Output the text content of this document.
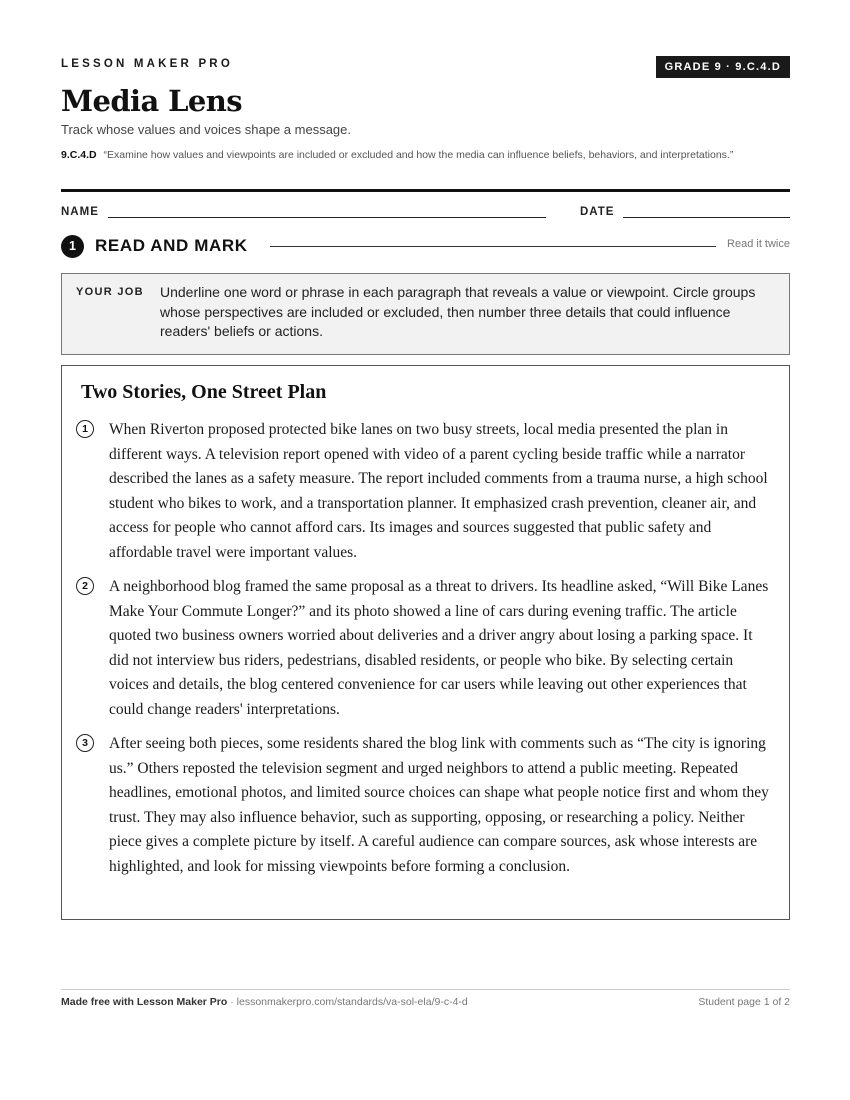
LESSON MAKER PRO	GRADE 9 · 9.C.4.D
Media Lens
Track whose values and voices shape a message.
9.C.4.D “Examine how values and viewpoints are included or excluded and how the media can influence beliefs, behaviors, and interpretations.”
NAME	DATE
1	READ AND MARK	Read it twice
YOUR JOB Underline one word or phrase in each paragraph that reveals a value or viewpoint. Circle groups whose perspectives are included or excluded, then number three details that could influence readers' beliefs or actions.
Two Stories, One Street Plan
1	When Riverton proposed protected bike lanes on two busy streets, local media presented the plan in different ways. A television report opened with video of a parent cycling beside traffic while a narrator described the lanes as a safety measure. The report included comments from a trauma nurse, a high school student who bikes to work, and a transportation planner. It emphasized crash prevention, cleaner air, and access for people who cannot afford cars. Its images and sources suggested that public safety and affordable travel were important values.

2	A neighborhood blog framed the same proposal as a threat to drivers. Its headline asked, “Will Bike Lanes Make Your Commute Longer?” and its photo showed a line of cars during evening traffic. The article quoted two business owners worried about deliveries and a driver angry about losing a parking space. It did not interview bus riders, pedestrians, disabled residents, or people who bike. By selecting certain voices and details, the blog centered convenience for car users while leaving out other experiences that could change readers' interpretations.

3	After seeing both pieces, some residents shared the blog link with comments such as “The city is ignoring us.” Others reposted the television segment and urged neighbors to attend a public meeting. Repeated headlines, emotional photos, and limited source choices can shape what people notice first and whom they trust. They may also influence behavior, such as supporting, opposing, or researching a policy. Neither piece gives a complete picture by itself. A careful audience can compare sources, ask whose interests are highlighted, and look for missing viewpoints before forming a conclusion.

Made free with Lesson Maker Pro · lessonmakerpro.com/standards/va-sol-ela/9-c-4-d	Student page 1 of 2
